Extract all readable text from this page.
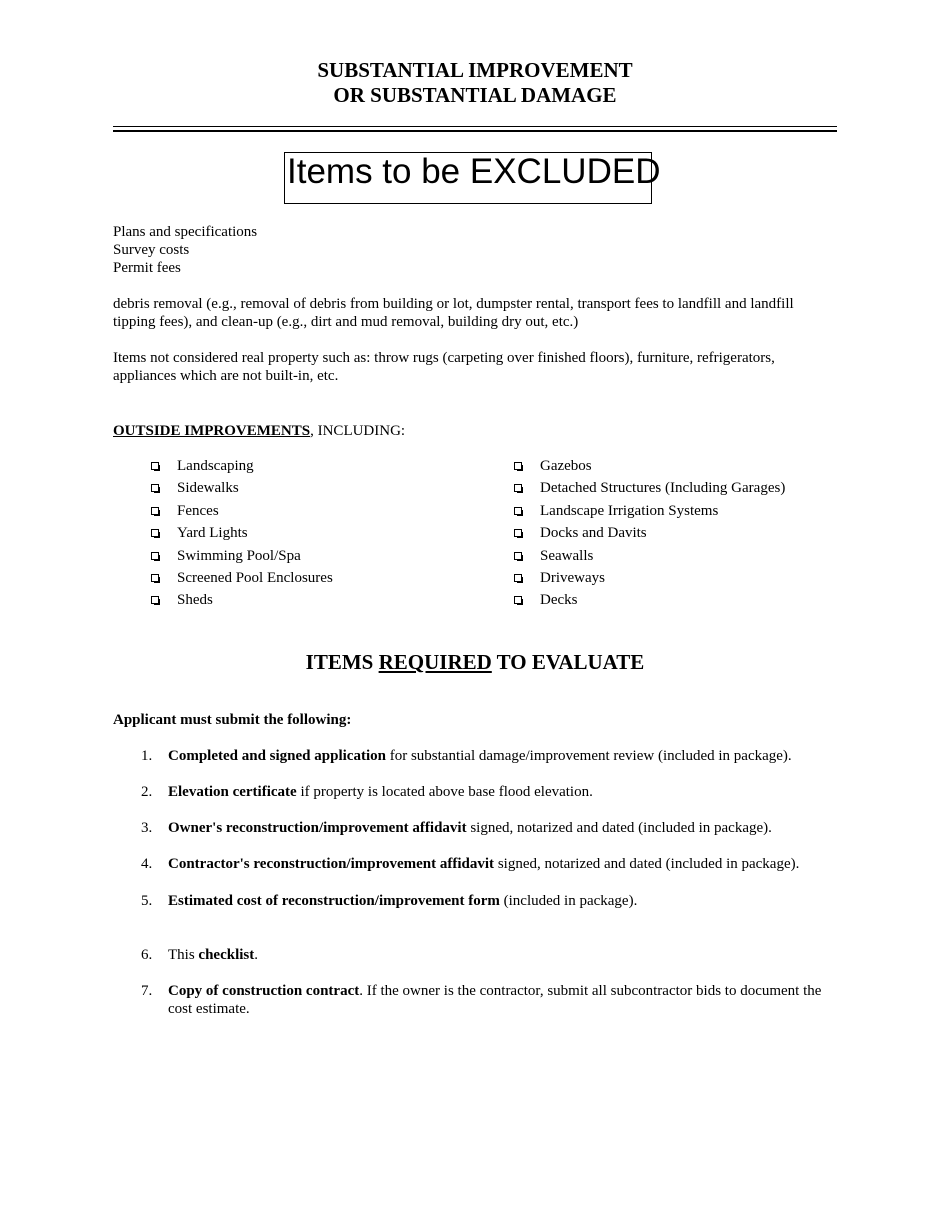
SUBSTANTIAL IMPROVEMENT
OR SUBSTANTIAL DAMAGE
Items to be EXCLUDED
Plans and specifications
Survey costs
Permit fees
debris removal (e.g., removal of debris from building or lot, dumpster rental, transport fees to landfill and landfill tipping fees), and clean-up (e.g., dirt and mud removal, building dry out, etc.)
Items not considered real property such as: throw rugs (carpeting over finished floors), furniture, refrigerators, appliances which are not built-in, etc.
OUTSIDE IMPROVEMENTS, INCLUDING:
Landscaping
Sidewalks
Fences
Yard Lights
Swimming Pool/Spa
Screened Pool Enclosures
Sheds
Gazebos
Detached Structures (Including Garages)
Landscape Irrigation Systems
Docks and Davits
Seawalls
Driveways
Decks
ITEMS REQUIRED TO EVALUATE
Applicant must submit the following:
1. Completed and signed application for substantial damage/improvement review (included in package).
2. Elevation certificate if property is located above base flood elevation.
3. Owner's reconstruction/improvement affidavit signed, notarized and dated (included in package).
4. Contractor's reconstruction/improvement affidavit signed, notarized and dated (included in package).
5. Estimated cost of reconstruction/improvement form (included in package).
6. This checklist.
7. Copy of construction contract. If the owner is the contractor, submit all subcontractor bids to document the cost estimate.
